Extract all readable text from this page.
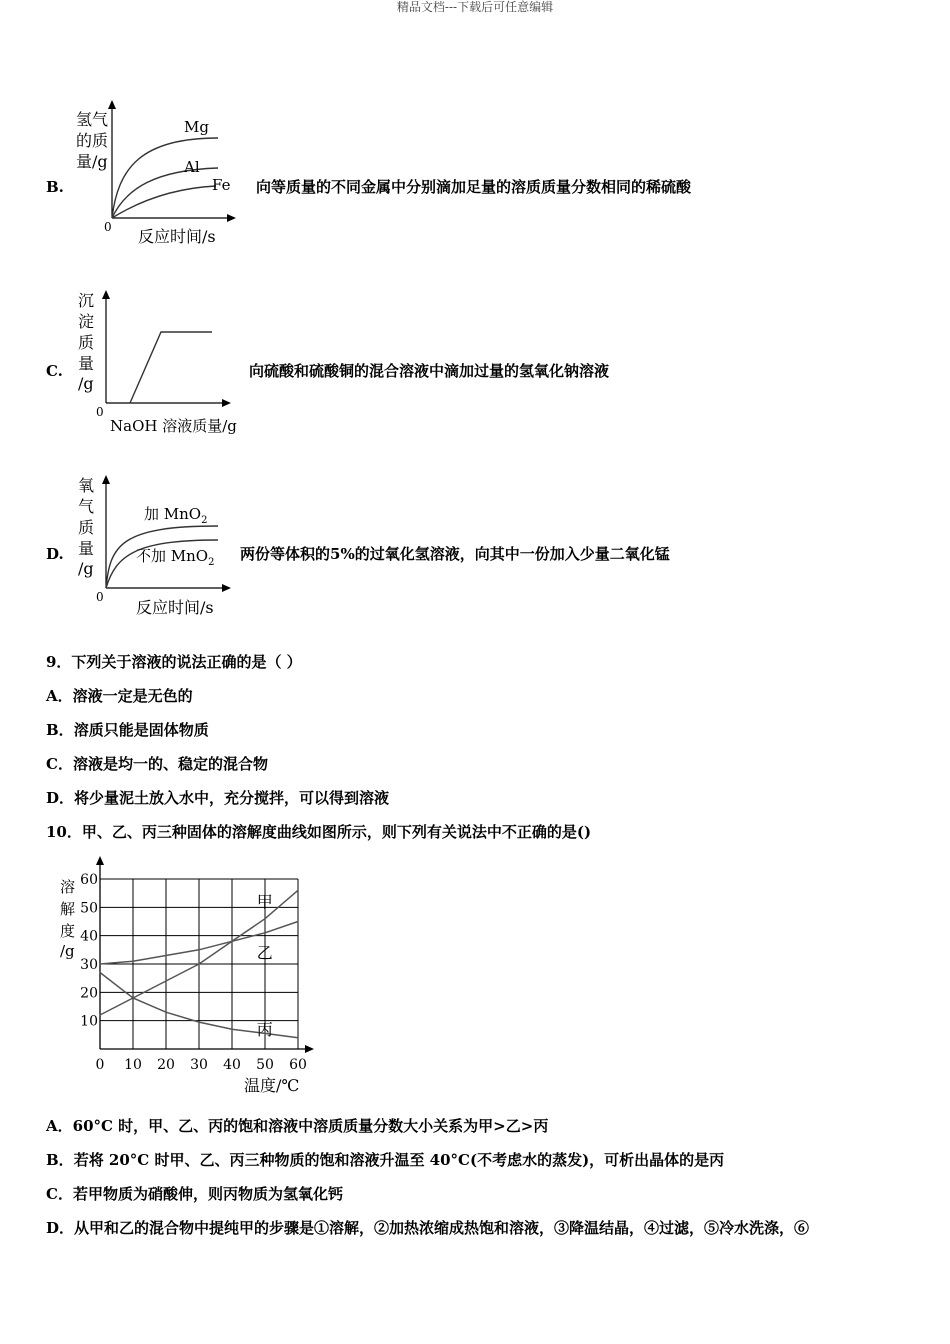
精品文档---下载后可任意编辑
B.
氢气
的质
量/g
Mg
Al
Fe
0 反应时间/s
向等质量的不同金属中分别滴加足量的溶质质量分数相同的稀硫酸
C.
沉
淀
质
量
/g
0
NaOH 溶液质量/g
向硫酸和硫酸铜的混合溶液中滴加过量的氢氧化钠溶液
D.
氧
气
质
量
/g
加 MnO$_2$
不加 MnO$_2$
0
反应时间/s
两份等体积的5%的过氧化氢溶液，向其中一份加入少量二氧化锰
9．下列关于溶液的说法正确的是（ ）
A．溶液一定是无色的
B．溶质只能是固体物质
C．溶液是均一的、稳定的混合物
D．将少量泥土放入水中，充分搅拌，可以得到溶液
10．甲、乙、丙三种固体的溶解度曲线如图所示，则下列有关说法中不正确的是()
甲
乙
丙
0 10 20 30 40 50 60
10
20
30
40
50
60
溶
解
度
/g
温度/℃
A．60°C 时，甲、乙、丙的饱和溶液中溶质质量分数大小关系为甲>乙>丙
B．若将 20°C 时甲、乙、丙三种物质的饱和溶液升温至 40°C(不考虑水的蒸发)，可析出晶体的是丙
C．若甲物质为硝酸伸，则丙物质为氢氧化钙
D．从甲和乙的混合物中提纯甲的步骤是①溶解，②加热浓缩成热饱和溶液，③降温结晶，④过滤，⑤冷水洗涤，⑥
